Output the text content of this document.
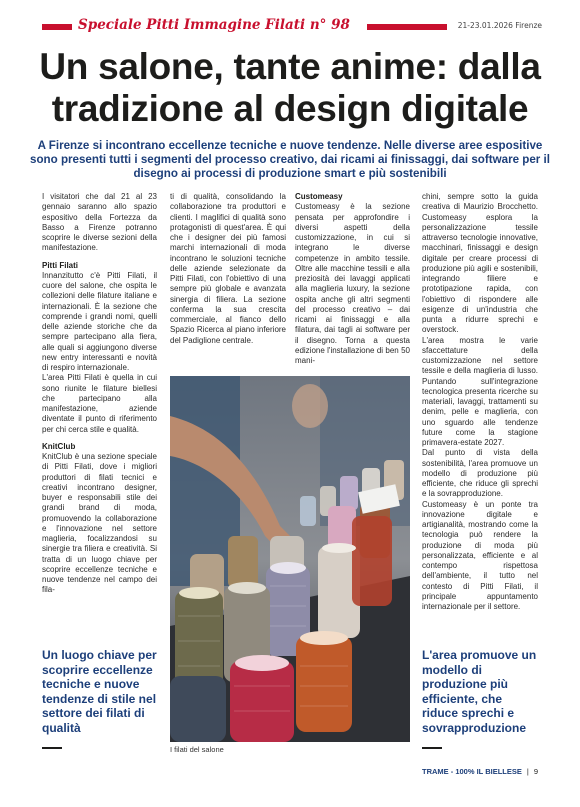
Speciale Pitti Immagine Filati n° 98	21-23.01.2026 Firenze
Un salone, tante anime: dalla
tradizione al design digitale

A Firenze si incontrano eccellenze tecniche e nuove tendenze. Nelle diverse aree espositive sono presenti tutti i segmenti del processo creativo, dai ricami ai finissaggi, dai software per il disegno ai processi di produzione smart e più sostenibili

I visitatori che dal 21 al 23 gennaio saranno allo spazio espositivo della Fortezza da Basso a Firenze potranno scoprire le diverse sezioni della manifestazione.

Pitti Filati

Innanzitutto c'è Pitti Filati, il cuore del salone, che ospita le collezioni delle filature italiane e internazionali. È la sezione che comprende i grandi nomi, quelli delle aziende storiche che da sempre partecipano alla fiera, alle quali si aggiungono diverse new entry interessanti e novità di respiro internazionale.

L'area Pitti Filati è quella in cui sono riunite le filature biellesi che partecipano alla manifestazione, aziende diventate il punto di riferimento per chi cerca stile e qualità.

KnitClub

KnitClub è una sezione speciale di Pitti Filati, dove i migliori produttori di filati tecnici e creativi incontrano designer, buyer e responsabili stile dei grandi brand di moda, promuovendo la collaborazione e l'innovazione nel settore maglieria, focalizzandosi su sinergie tra filiera e creatività. Si tratta di un luogo chiave per scoprire eccellenze tecniche e nuove tendenze nel campo dei fila-

ti di qualità, consolidando la collaborazione tra produttori e clienti. I maglifici di qualità sono protagonisti di quest'area. È qui che i designer dei più famosi marchi internazionali di moda incontrano le soluzioni tecniche delle aziende selezionate da Pitti Filati, con l'obiettivo di una sempre più globale e avanzata sinergia di filiera. La sezione conferma la sua crescita commerciale, al fianco dello Spazio Ricerca al piano inferiore del Padiglione centrale.

Customeasy

Customeasy è la sezione pensata per approfondire i diversi aspetti della customizzazione, in cui si integrano le diverse competenze in ambito tessile. Oltre alle macchine tessili e alla preziosità dei lavaggi applicati alla maglieria luxury, la sezione ospita anche gli altri segmenti del processo creativo – dai ricami ai finissaggi e alla filatura, dai tagli ai software per il disegno. Torna a questa edizione l'installazione di ben 50 mani-

chini, sempre sotto la guida creativa di Maurizio Brocchetto. Customeasy esplora la personalizzazione tessile attraverso tecnologie innovative, macchinari, finissaggi e design digitale per creare processi di produzione più agili e sostenibili, integrando filiere e prototipazione rapida, con l'obiettivo di rispondere alle esigenze di un'industria che punta a ridurre sprechi e overstock.

L'area mostra le varie sfaccettature della customizzazione nel settore tessile e della maglieria di lusso. Puntando sull'integrazione tecnologica presenta ricerche su materiali, lavaggi, trattamenti su denim, pelle e maglieria, con uno sguardo alle tendenze future come la stagione primavera-estate 2027.

Dal punto di vista della sostenibilità, l'area promuove un modello di produzione più efficiente, che riduce gli sprechi e la sovrapproduzione.

Customeasy è un ponte tra innovazione digitale e artigianalità, mostrando come la tecnologia può rendere la produzione di moda più personalizzata, efficiente e al contempo rispettosa dell'ambiente, il tutto nel contesto di Pitti Filati, il principale appuntamento internazionale per il settore.

I filati del salone
Un luogo chiave per scoprire eccellenze tecniche e nuove tendenze di stile nel settore dei filati di qualità
L'area promuove un modello di produzione più efficiente, che riduce sprechi e sovrapproduzione
TRAME - 100% IL BIELLESE | 9
